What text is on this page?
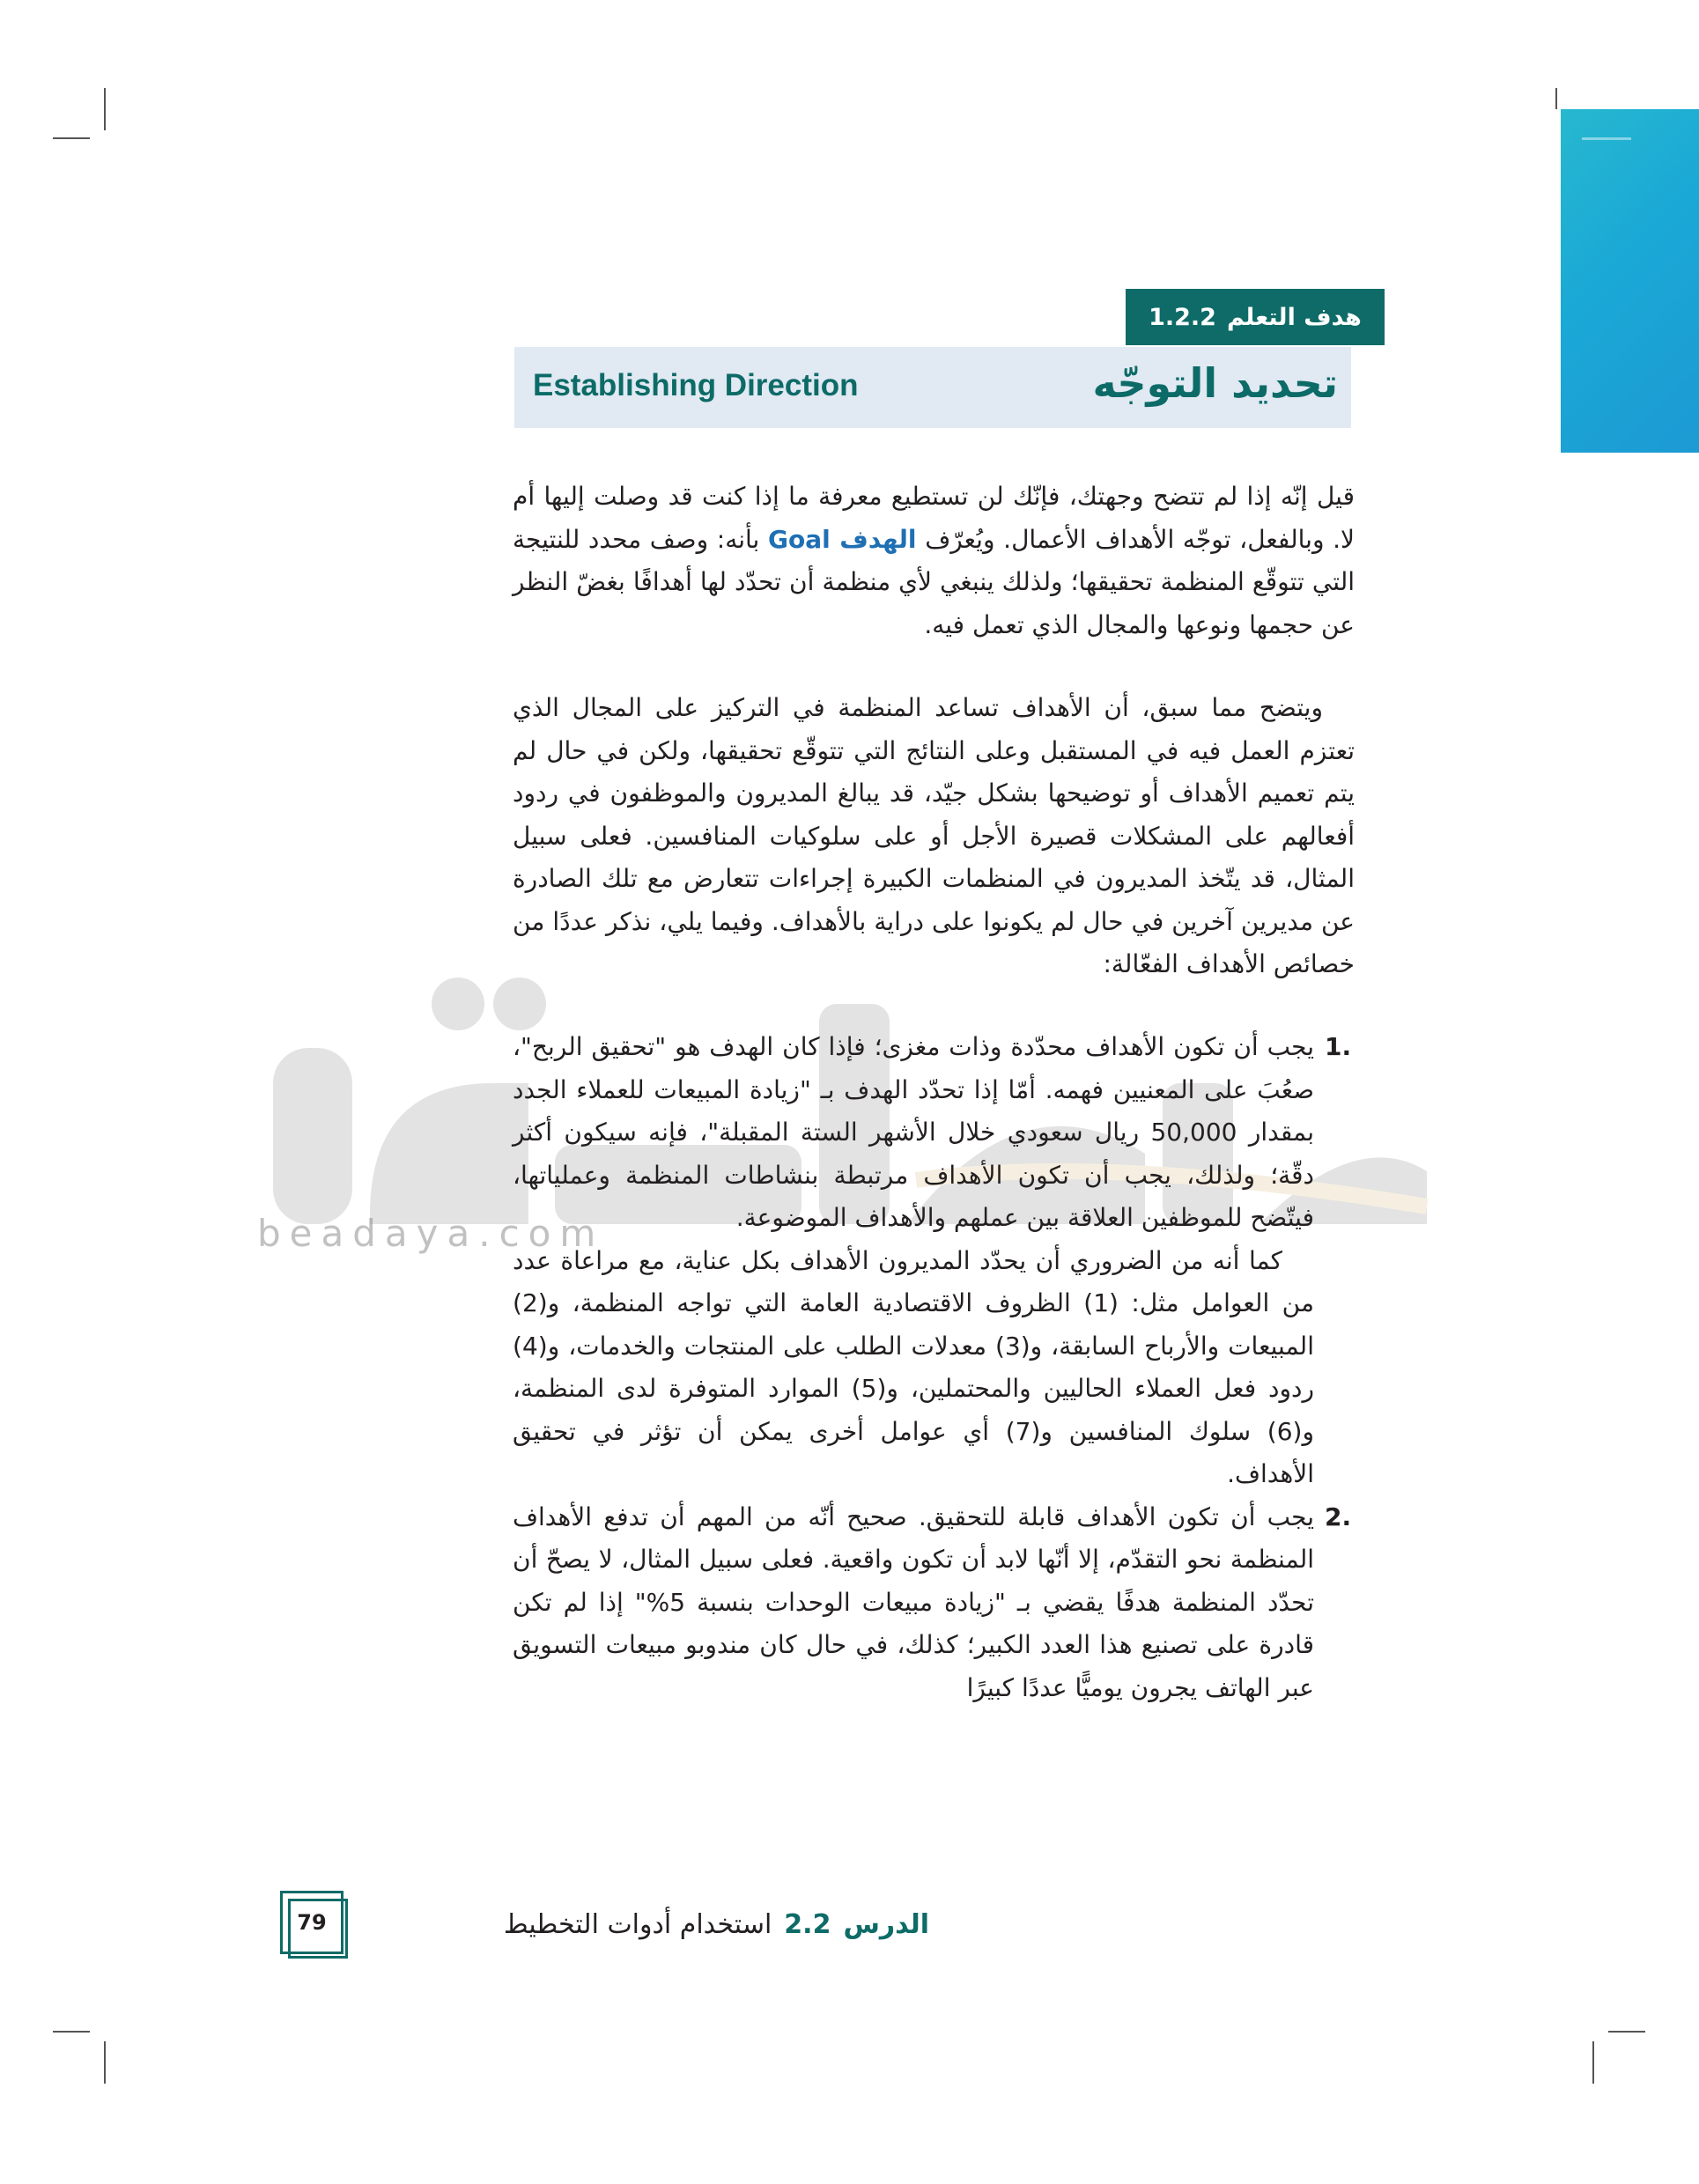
beadaya.com
هدف التعلم
1.2.2
Establishing Direction	تحديد التوجّه
قيل إنّه إذا لم تتضح وجهتك، فإنّك لن تستطيع معرفة ما إذا كنت قد وصلت إليها أم لا. وبالفعل، توجّه الأهداف الأعمال. ويُعرّف الهدف Goal بأنه: وصف محدد للنتيجة التي تتوقّع المنظمة تحقيقها؛ ولذلك ينبغي لأي منظمة أن تحدّد لها أهدافًا بغضّ النظر عن حجمها ونوعها والمجال الذي تعمل فيه.
ويتضح مما سبق، أن الأهداف تساعد المنظمة في التركيز على المجال الذي تعتزم العمل فيه في المستقبل وعلى النتائج التي تتوقّع تحقيقها، ولكن في حال لم يتم تعميم الأهداف أو توضيحها بشكل جيّد، قد يبالغ المديرون والموظفون في ردود أفعالهم على المشكلات قصيرة الأجل أو على سلوكيات المنافسين. فعلى سبيل المثال، قد يتّخذ المديرون في المنظمات الكبيرة إجراءات تتعارض مع تلك الصادرة عن مديرين آخرين في حال لم يكونوا على دراية بالأهداف. وفيما يلي، نذكر عددًا من خصائص الأهداف الفعّالة:
1.
يجب أن تكون الأهداف محدّدة وذات مغزى؛ فإذا كان الهدف هو "تحقيق الربح"، صعُبَ على المعنيين فهمه. أمّا إذا تحدّد الهدف بـ "زيادة المبيعات للعملاء الجدد بمقدار 50,000 ريال سعودي خلال الأشهر الستة المقبلة"، فإنه سيكون أكثر دقّة؛ ولذلك، يجب أن تكون الأهداف مرتبطة بنشاطات المنظمة وعملياتها، فيتّضح للموظفين العلاقة بين عملهم والأهداف الموضوعة.
كما أنه من الضروري أن يحدّد المديرون الأهداف بكل عناية، مع مراعاة عدد من العوامل مثل: (1) الظروف الاقتصادية العامة التي تواجه المنظمة، و(2) المبيعات والأرباح السابقة، و(3) معدلات الطلب على المنتجات والخدمات، و(4) ردود فعل العملاء الحاليين والمحتملين، و(5) الموارد المتوفرة لدى المنظمة، و(6) سلوك المنافسين و(7) أي عوامل أخرى يمكن أن تؤثر في تحقيق الأهداف.
2.
يجب أن تكون الأهداف قابلة للتحقيق. صحيح أنّه من المهم أن تدفع الأهداف المنظمة نحو التقدّم، إلا أنّها لابد أن تكون واقعية. فعلى سبيل المثال، لا يصحّ أن تحدّد المنظمة هدفًا يقضي بـ "زيادة مبيعات الوحدات بنسبة 5%" إذا لم تكن قادرة على تصنيع هذا العدد الكبير؛ كذلك، في حال كان مندوبو مبيعات التسويق عبر الهاتف يجرون يوميًّا عددًا كبيرًا
الدرس
2.2
استخدام أدوات التخطيط
79
